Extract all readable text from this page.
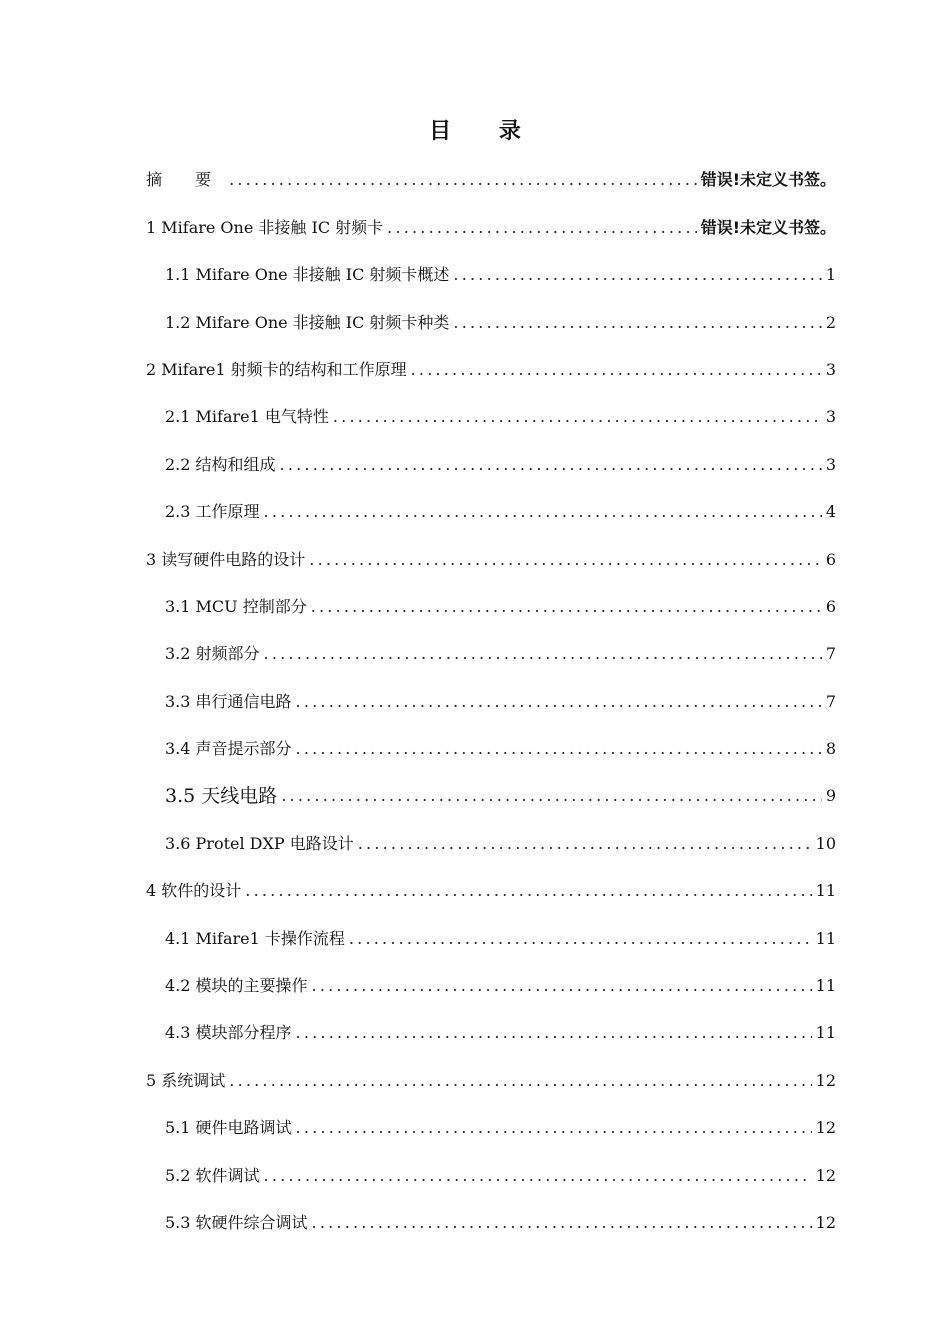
目 录
摘 要 .....	错误!未定义书签。
1 Mifare One 非接触 IC 射频卡 .....	错误!未定义书签。
1.1 Mifare One 非接触 IC 射频卡概述 .....	1
1.2 Mifare One 非接触 IC 射频卡种类 .....	2
2 Mifare1 射频卡的结构和工作原理 .....	3
2.1 Mifare1 电气特性 .....	3
2.2 结构和组成 .....	3
2.3 工作原理 .....	4
3 读写硬件电路的设计 .....	6
3.1 MCU 控制部分 .....	6
3.2 射频部分 .....	7
3.3 串行通信电路 .....	7
3.4 声音提示部分 .....	8
3.5 天线电路 .....	9
3.6 Protel DXP 电路设计 .....	10
4 软件的设计 .....	11
4.1 Mifare1 卡操作流程 .....	11
4.2 模块的主要操作 .....	11
4.3 模块部分程序 .....	11
5 系统调试 .....	12
5.1 硬件电路调试 .....	12
5.2 软件调试 .....	12
5.3 软硬件综合调试 .....	12
